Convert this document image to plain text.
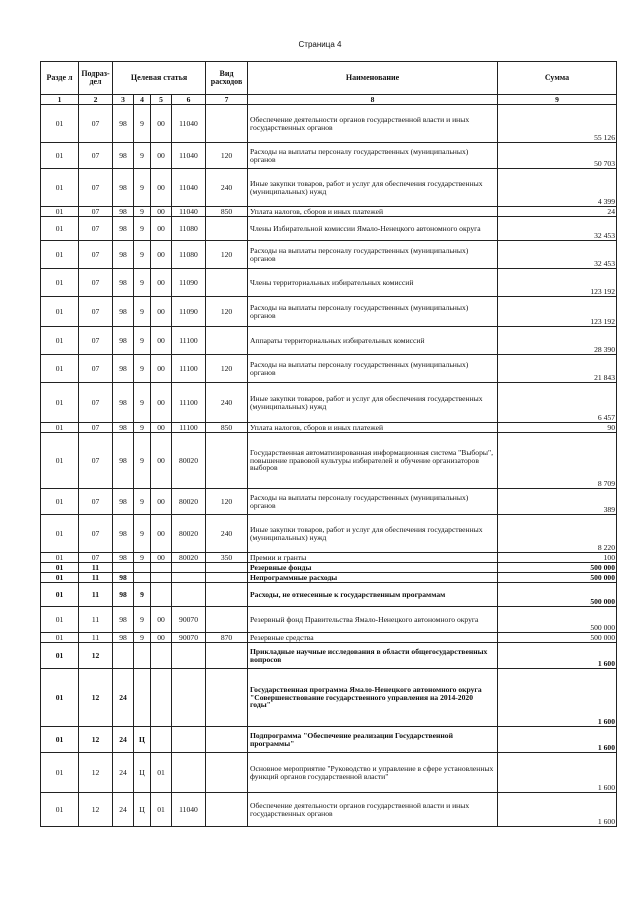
Страница 4
Разде л	Подраз- дел	Целевая статья				Вид расходов	Наименование	Сумма
1	2	3	4	5	6	7	8	9
01	07	98	9	00	11040		Обеспечение деятельности органов государственной власти и иных государственных органов	55 126
01	07	98	9	00	11040	120	Расходы на выплаты персоналу государственных (муниципальных) органов	50 703
01	07	98	9	00	11040	240	Иные закупки товаров, работ и услуг для обеспечения государственных (муниципальных) нужд	4 399
01	07	98	9	00	11040	850	Уплата налогов, сборов и иных платежей	24
01	07	98	9	00	11080		Члены Избирательной комиссии Ямало-Ненецкого автономного округа	32 453
01	07	98	9	00	11080	120	Расходы на выплаты персоналу государственных (муниципальных) органов	32 453
01	07	98	9	00	11090		Члены территориальных избирательных комиссий	123 192
01	07	98	9	00	11090	120	Расходы на выплаты персоналу государственных (муниципальных) органов	123 192
01	07	98	9	00	11100		Аппараты территориальных избирательных комиссий	28 390
01	07	98	9	00	11100	120	Расходы на выплаты персоналу государственных (муниципальных) органов	21 843
01	07	98	9	00	11100	240	Иные закупки товаров, работ и услуг для обеспечения государственных (муниципальных) нужд	6 457
01	07	98	9	00	11100	850	Уплата налогов, сборов и иных платежей	90
01	07	98	9	00	80020		Государственная автоматизированная информационная система "Выборы", повышение правовой культуры избирателей и обучение организаторов выборов	8 709
01	07	98	9	00	80020	120	Расходы на выплаты персоналу государственных (муниципальных) органов	389
01	07	98	9	00	80020	240	Иные закупки товаров, работ и услуг для обеспечения государственных (муниципальных) нужд	8 220
01	07	98	9	00	80020	350	Премии и гранты	100
01	11						Резервные фонды	500 000
01	11	98					Непрограммные расходы	500 000
01	11	98	9				Расходы, не отнесенные к государственным программам	500 000
01	11	98	9	00	90070		Резервный фонд Правительства Ямало-Ненецкого автономного округа	500 000
01	11	98	9	00	90070	870	Резервные средства	500 000
01	12						Прикладные научные исследования в области общегосударственных вопросов	1 600
01	12	24					Государственная программа Ямало-Ненецкого автономного округа "Совершенствование государственного управления на 2014-2020 годы"	1 600
01	12	24	Ц				Подпрограмма "Обеспечение реализации Государственной программы"	1 600
01	12	24	Ц	01			Основное мероприятие "Руководство и управление в сфере установленных функций органов государственной власти"	1 600
01	12	24	Ц	01	11040		Обеспечение деятельности органов государственной власти и иных государственных органов	1 600
